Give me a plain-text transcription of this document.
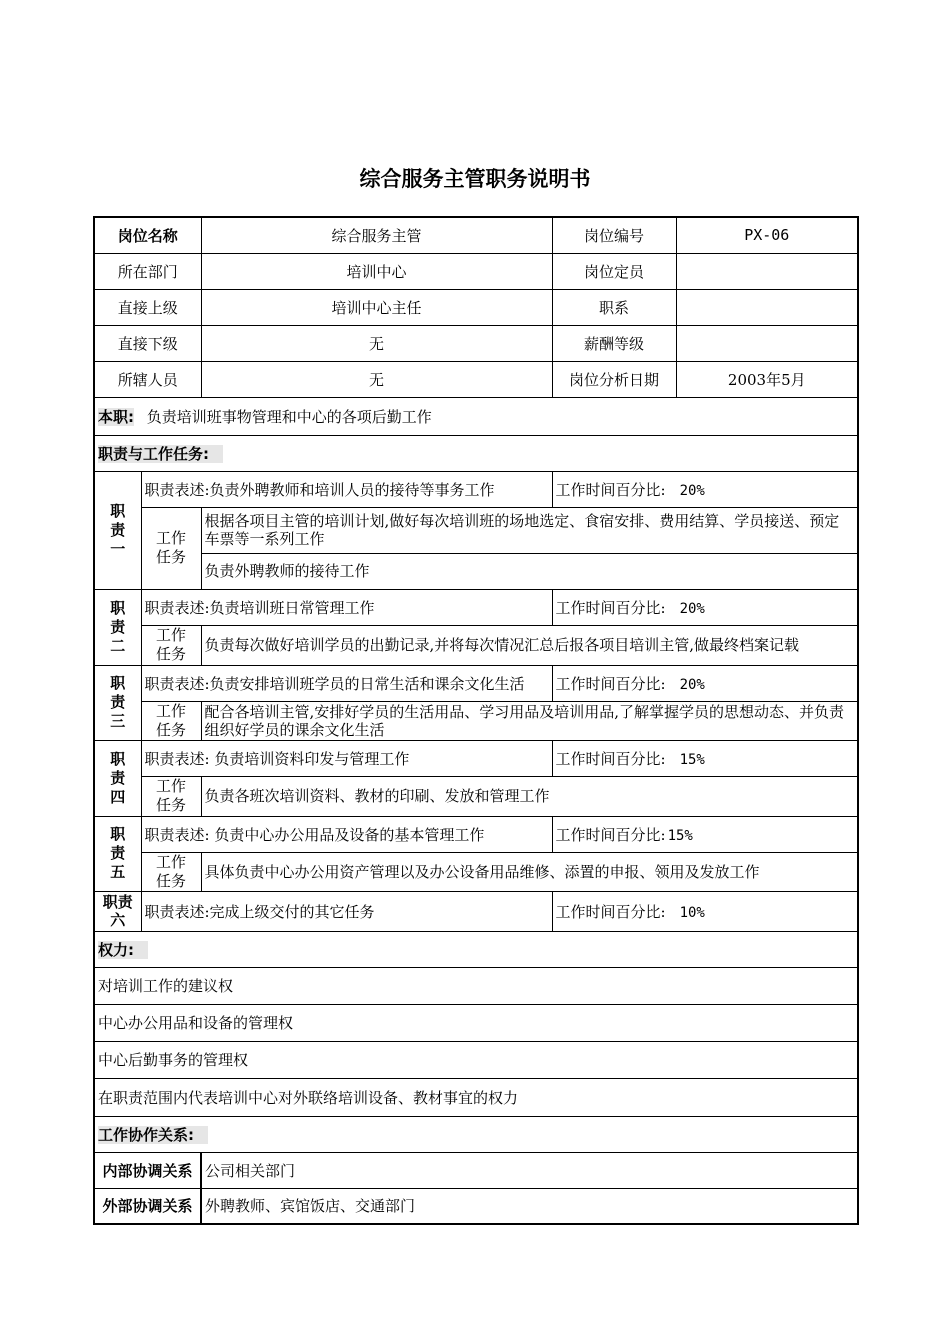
综合服务主管职务说明书
岗位名称		综合服务主管	岗位编号	PX-06
所在部门		培训中心	岗位定员	
直接上级		培训中心主任	职系	
直接下级		无	薪酬等级	
所辖人员		无	岗位分析日期	2003年5月
本职: 负责培训班事物管理和中心的各项后勤工作				
职责与工作任务:				

职责一	职责表述:负责外聘教师和培训人员的接待等事务工作		工作时间百分比: 20%	

	工作任务	根据各项目主管的培训计划,做好每次培训班的场地选定、食宿安排、费用结算、学员接送、预定车票等一系列工作		
		负责外聘教师的接待工作		

职责二	职责表述:负责培训班日常管理工作		工作时间百分比: 20%	

	工作任务	负责每次做好培训学员的出勤记录,并将每次情况汇总后报各项目培训主管,做最终档案记载		

职责三	职责表述:负责安排培训班学员的日常生活和课余文化生活		工作时间百分比: 20%	

	工作任务	配合各培训主管,安排好学员的生活用品、学习用品及培训用品,了解掌握学员的思想动态、并负责组织好学员的课余文化生活		

职责四	职责表述: 负责培训资料印发与管理工作		工作时间百分比: 15%	

	工作任务	负责各班次培训资料、教材的印刷、发放和管理工作		

职责五	职责表述: 负责中心办公用品及设备的基本管理工作		工作时间百分比: 15%	

	工作任务	具体负责中心办公用资产管理以及办公设备用品维修、添置的申报、领用及发放工作		

职责六	职责表述:完成上级交付的其它任务		工作时间百分比: 10%	
权力:				
对培训工作的建议权				
中心办公用品和设备的管理权				
中心后勤事务的管理权				
在职责范围内代表培训中心对外联络培训设备、教材事宜的权力				
工作协作关系:				
内部协调关系		公司相关部门		
外部协调关系		外聘教师、宾馆饭店、交通部门		
